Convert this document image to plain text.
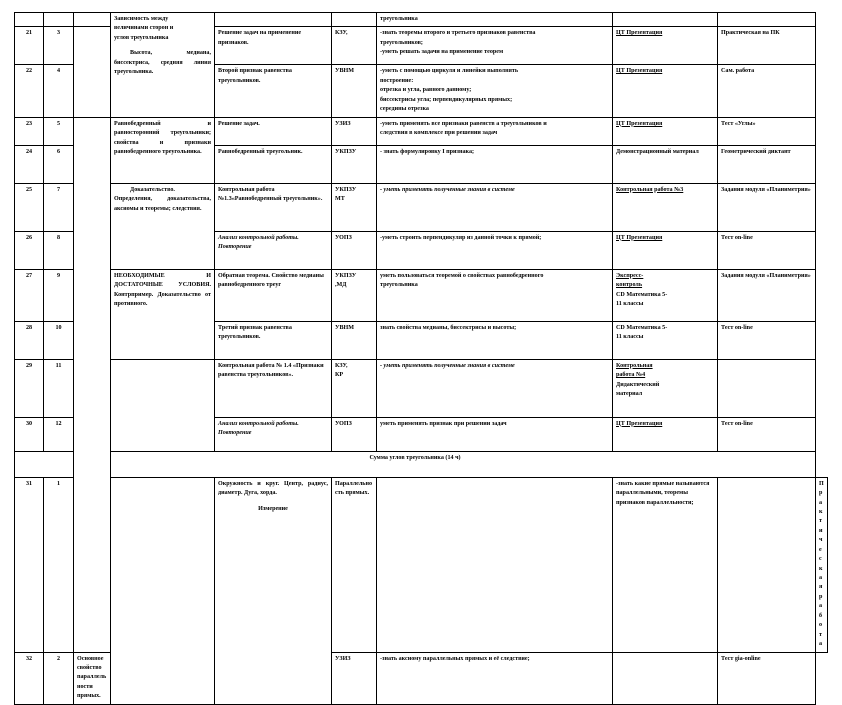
			Зависимость между
величинами сторон и
углов треугольника
Высота, медиана, биссектриса, средняя линия треугольника.			треугольника			
21	3			Решение задач на применение признаков.	КЗУ,	-знать теоремы второго и третьего признаков равенства
треугольников;
-уметь решать задачи на применение теорем	ЦТ Презентация	Практическая на ПК	
22	4			Второй признак равенства треугольников.	УВНМ	-уметь с помощью циркуля и линейки выполнять
построение:
отрезка и угла, равного данному;
биссектрисы угла; перпендикулярных прямых;
середины отрезка	ЦТ Презентация	Сам. работа	
23	5		Равнобедренный и равносторонний треугольники; свойства и признаки равнобедренного треугольника.	Решение задач.	УЗИЗ	-уметь применять все признаки равенств а треугольников и
следствия в комплексе при решении задач	ЦТ Презентация	Тест «Углы»	
24	6			Равнобедренный треугольник.	УКПЗУ	- знать формулировку I признака;	Демонстрационный материал	Геометрический диктант	
25	7		Доказательство. Определения, доказательства, аксиомы и теоремы; следствия.	Контрольная работа №1.3«Равнобедренный треугольник».	УКПЗУ
МТ	- уметь применять полученные знания в системе	Контрольная работа №3	Задания модуля «Планиметрия»	
26	8			Анализ контрольной работы. Повторение	УОПЗ	-уметь строить перпендикуляр из данной точки к прямой;	ЦТ Презентация	Тест on-line	
27	9		НЕОБХОДИМЫЕ И ДОСТАТОЧНЫЕ УСЛОВИЯ. Контрпример. Доказательство от противного.	Обратная теорема. Свойство медианы равнобедренного треуг	УКПЗУ
,МД	уметь пользоваться теоремой о свойствах равнобедренного
треугольника	Экспресс-
контроль
CD Математика 5-
11 классы	Задания модуля «Планиметрия»	
28	10			Третий признак равенства треугольников.	УВНМ	знать свойства медианы, биссектрисы и высоты;	CD Математика 5-
11 классы	Тест on-line	
29	11			Контрольная работа № 1.4 «Признаки равенства треугольников».	КЗУ,
КР	- уметь применять полученные знания в системе	Контрольная
работа №4
Дидактический
материал		

30	12			Анализ контрольной работы. Повторение	УОПЗ	уметь применять признак при решении задач	ЦТ Презентация	Тест on-line	
Сумма углов треугольника (14 ч)									
31	1			Окружность и круг. Центр, радиус, диаметр. Дуга, хорда.
Измерение	Параллельность прямых.		-знать какие прямые называются параллельными, теоремы
признаков параллельности;		Практическая работа
32	2	Основное свойство параллельности прямых.			УЗИЗ	-знать аксиому параллельных прямых и её следствие;		Тест gia-online	
